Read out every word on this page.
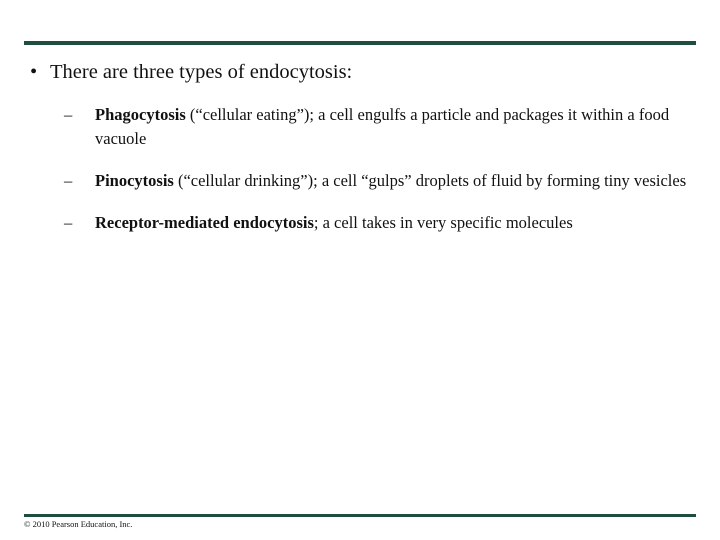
• There are three types of endocytosis:
–	Phagocytosis (“cellular eating”); a cell engulfs a particle and packages it within a food vacuole
–	Pinocytosis (“cellular drinking”); a cell “gulps” droplets of fluid by forming tiny vesicles
–	Receptor-mediated endocytosis; a cell takes in very specific molecules
© 2010 Pearson Education, Inc.
